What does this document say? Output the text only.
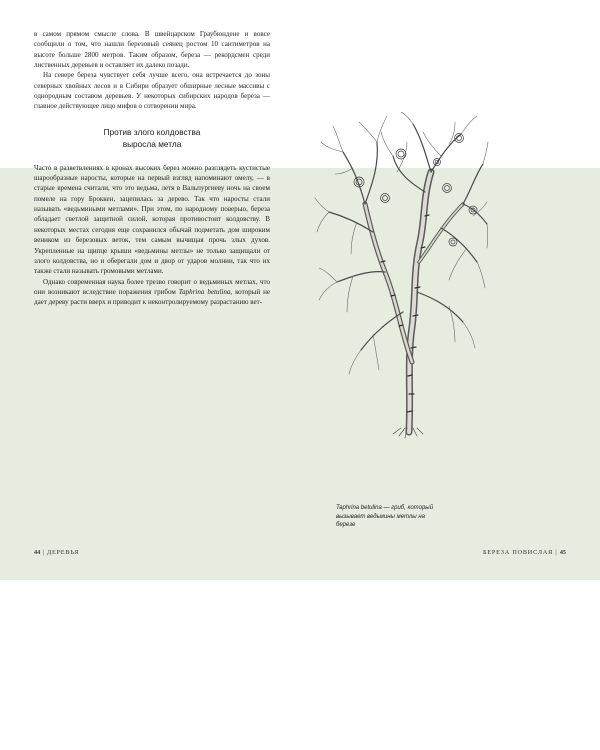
в самом прямом смысле слова. В швейцарском Граубюндене и вовсе сообщили о том, что нашли березовый сеянец ростом 10 сантиметров на высоте больше 2800 метров. Таким образом, береза — рекордсмен среди лиственных деревьев и оставляет их далеко позади.

На севере береза чувствует себя лучше всего, она встречается до зоны северных хвойных лесов и в Сибири образует обширные лесные массивы с однородным составом деревьев. У некоторых сибирских народов береза — главное действующее лицо мифов о сотворении мира.

Против злого колдовства
выросла метла

Часто в разветвлениях в кронах высоких берез можно разглядеть кустистые шарообразные наросты, которые на первый взгляд напоминают омелу, — в старые времена считали, что это ведьма, летя в Вальпургиеву ночь на своем помеле на гору Броккен, зацепилась за дерево. Так что наросты стали называть «ведьмиными метлами». При этом, по народному поверью, береза обладает светлой защитной силой, которая противостоит колдовству. В некоторых местах сегодня еще сохранился обычай подметать дом широким веником из березовых веток, тем самым вычищая прочь злых духов. Укрепленные на щипце крыши «ведьмины метлы» не только защищали от злого колдовства, но и оберегали дом и двор от ударов молнии, так что их также стали называть громовыми метлами.

Однако современная наука более трезво говорит о ведьминых метлах, что они возникают вследствие поражения грибом Taphrina betulina, который не дает дереву расти вверх и приводит к неконтролируемому разрастанию вет-

Taphrina betulina — гриб, который вызывает ведьмины метлы на березе
44 | ДЕРЕВЬЯ	БЕРЕЗА ПОВИСЛАЯ | 45
